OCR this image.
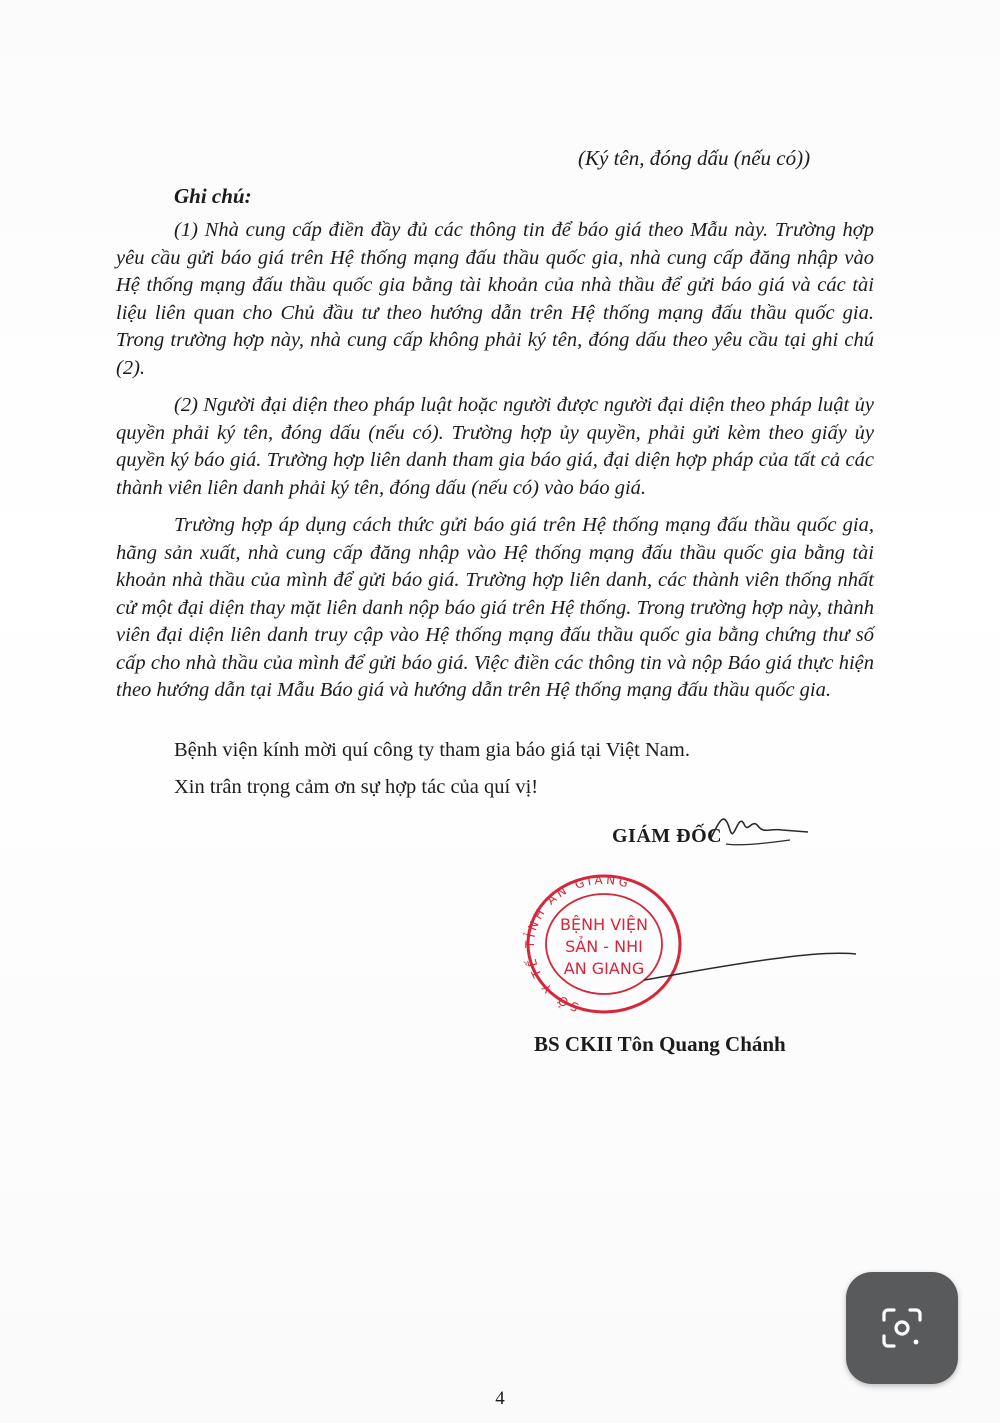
(Ký tên, đóng dấu (nếu có))
Ghi chú:

(1) Nhà cung cấp điền đầy đủ các thông tin để báo giá theo Mẫu này. Trường hợp yêu cầu gửi báo giá trên Hệ thống mạng đấu thầu quốc gia, nhà cung cấp đăng nhập vào Hệ thống mạng đấu thầu quốc gia bằng tài khoản của nhà thầu để gửi báo giá và các tài liệu liên quan cho Chủ đầu tư theo hướng dẫn trên Hệ thống mạng đấu thầu quốc gia. Trong trường hợp này, nhà cung cấp không phải ký tên, đóng dấu theo yêu cầu tại ghi chú (2).

(2) Người đại diện theo pháp luật hoặc người được người đại diện theo pháp luật ủy quyền phải ký tên, đóng dấu (nếu có). Trường hợp ủy quyền, phải gửi kèm theo giấy ủy quyền ký báo giá. Trường hợp liên danh tham gia báo giá, đại diện hợp pháp của tất cả các thành viên liên danh phải ký tên, đóng dấu (nếu có) vào báo giá.

Trường hợp áp dụng cách thức gửi báo giá trên Hệ thống mạng đấu thầu quốc gia, hãng sản xuất, nhà cung cấp đăng nhập vào Hệ thống mạng đấu thầu quốc gia bằng tài khoản nhà thầu của mình để gửi báo giá. Trường hợp liên danh, các thành viên thống nhất cử một đại diện thay mặt liên danh nộp báo giá trên Hệ thống. Trong trường hợp này, thành viên đại diện liên danh truy cập vào Hệ thống mạng đấu thầu quốc gia bằng chứng thư số cấp cho nhà thầu của mình để gửi báo giá. Việc điền các thông tin và nộp Báo giá thực hiện theo hướng dẫn tại Mẫu Báo giá và hướng dẫn trên Hệ thống mạng đấu thầu quốc gia.

Bệnh viện kính mời quí công ty tham gia báo giá tại Việt Nam.
Xin trân trọng cảm ơn sự hợp tác của quí vị!
GIÁM ĐỐC
SỞ Y TẾ TỈNH AN GIANG
BỆNH VIỆN
SẢN - NHI
AN GIANG
BS CKII Tôn Quang Chánh
4
